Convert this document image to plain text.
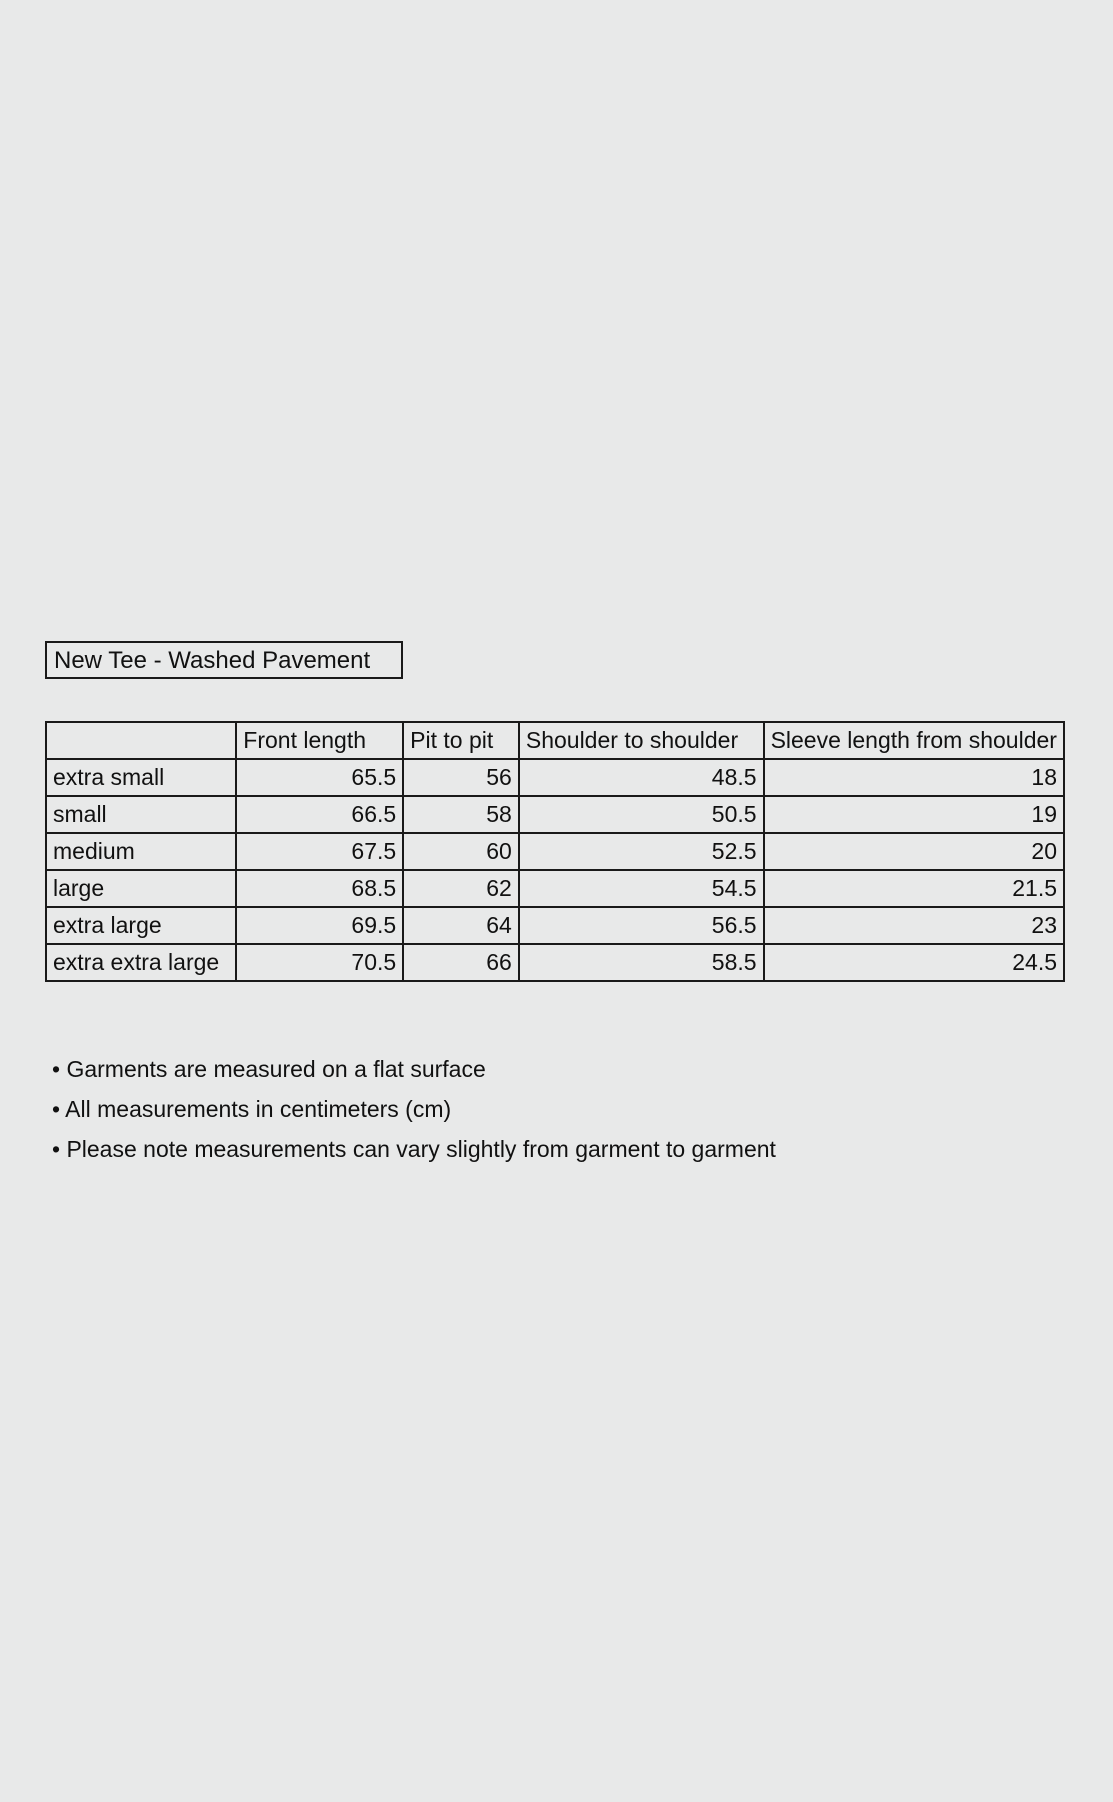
New Tee - Washed Pavement
	Front length	Pit to pit	Shoulder to shoulder	Sleeve length from shoulder
extra small	65.5	56	48.5	18
small	66.5	58	50.5	19
medium	67.5	60	52.5	20
large	68.5	62	54.5	21.5
extra large	69.5	64	56.5	23
extra extra large	70.5	66	58.5	24.5
• Garments are measured on a flat surface
• All measurements in centimeters (cm)
• Please note measurements can vary slightly from garment to garment
